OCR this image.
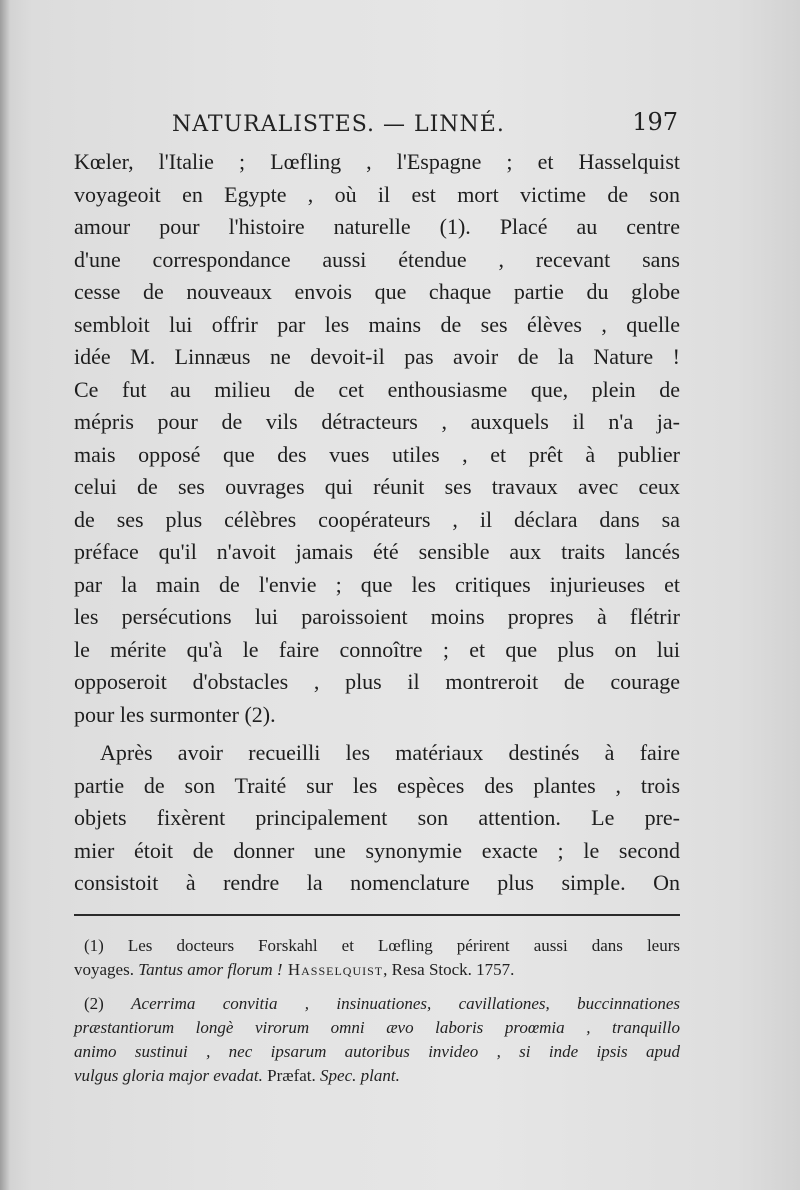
NATURALISTES. — LINNÉ.	197
Kœler, l'Italie ; Lœfling , l'Espagne ; et Hasselquist
voyageoit en Egypte , où il est mort victime de son
amour pour l'histoire naturelle (1). Placé au centre
d'une correspondance aussi étendue , recevant sans
cesse de nouveaux envois que chaque partie du globe
sembloit lui offrir par les mains de ses élèves , quelle
idée M. Linnæus ne devoit-il pas avoir de la Nature !
Ce fut au milieu de cet enthousiasme que, plein de
mépris pour de vils détracteurs , auxquels il n'a ja-
mais opposé que des vues utiles , et prêt à publier
celui de ses ouvrages qui réunit ses travaux avec ceux
de ses plus célèbres coopérateurs , il déclara dans sa
préface qu'il n'avoit jamais été sensible aux traits lancés
par la main de l'envie ; que les critiques injurieuses et
les persécutions lui paroissoient moins propres à flétrir
le mérite qu'à le faire connoître ; et que plus on lui
opposeroit d'obstacles , plus il montreroit de courage
pour les surmonter (2).
Après avoir recueilli les matériaux destinés à faire
partie de son Traité sur les espèces des plantes , trois
objets fixèrent principalement son attention. Le pre-
mier étoit de donner une synonymie exacte ; le second
consistoit à rendre la nomenclature plus simple. On
(1) Les docteurs Forskahl et Lœfling périrent aussi dans leurs
voyages. Tantus amor florum ! Hasselquist, Resa Stock. 1757.
(2) Acerrima convitia , insinuationes, cavillationes, buccinnationes
præstantiorum longè virorum omni ævo laboris proœmia , tranquillo
animo sustinui , nec ipsarum autoribus invideo , si inde ipsis apud
vulgus gloria major evadat. Præfat. Spec. plant.
